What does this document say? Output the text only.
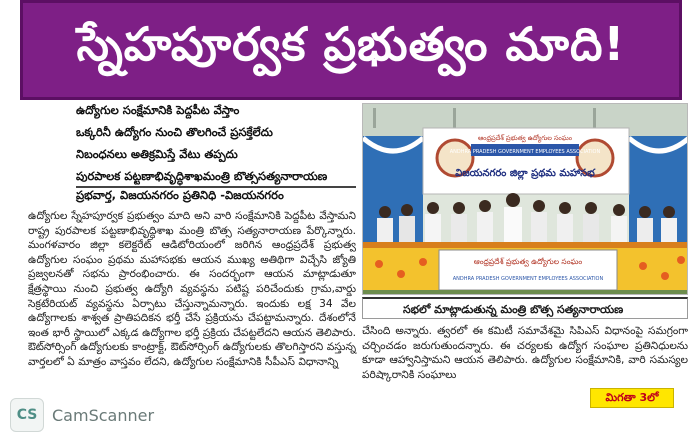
స్నేహపూర్వక ప్రభుత్వం మాది!
ఉద్యోగుల సంక్షేమానికి పెద్దపీట వేస్తాం
ఒక్కరినీ ఉద్యోగం నుంచి తొలగించే ప్రసక్తేలేదు
నిబంధనలు అతిక్రమిస్తే వేటు తప్పదు
పురపాలక పట్టణాభివృద్ధిశాఖమంత్రి బొత్ససత్యనారాయణ
ప్రభవార్త, విజయనగరం ప్రతినిధి -విజయనగరం

ఉద్యోగుల స్నేహపూర్వక ప్రభుత్వం మాది అని వారి సంక్షేమానికి పెద్దపీట వేస్తామని రాష్ట్ర పురపాలక పట్టణాభివృద్ధిశాఖ మంత్రి బొత్స సత్యనారాయణ పేర్కొన్నారు. మంగళవారం జిల్లా కలెక్టరేట్ ఆడిటోరియంలో జరిగిన ఆంధ్రప్రదేశ్ ప్రభుత్వ ఉద్యోగుల సంఘం ప్రథమ మహాసభకు ఆయన ముఖ్య అతిథిగా విచ్చేసి జ్యోతి ప్రజ్వలనతో సభను ప్రారంభించారు. ఈ సందర్భంగా ఆయన మాట్లాడుతూ క్షేత్రస్థాయి నుంచి ప్రభుత్వ ఉద్యోగి వ్యవస్థను పటిష్ట పరిచేందుకు గ్రామ,వార్డు సెక్రటేరియట్ వ్యవస్థను ఏర్పాటు చేస్తున్నామన్నారు. ఇందుకు లక్ష 34 వేల ఉద్యోగాలకు శాశ్వత ప్రాతిపదికన భర్తీ చేసే ప్రక్రియను చేపట్టామన్నారు. దేశంలోనే ఇంత భారీ స్థాయిలో ఎక్కడ ఉద్యోగాల భర్తీ ప్రక్రియ చేపట్టలేదని ఆయన తెలిపారు. ఔట్‌సోర్సింగ్ ఉద్యోగులకు కాంట్రాక్ట్, ఔట్‌సోర్సింగ్ ఉద్యోగులకు తొలగిస్తారని వస్తున్న వార్తలలో ఏ మాత్రం వాస్తవం లేదని, ఉద్యోగుల సంక్షేమానికి సీపీఎస్ విధానాన్ని

ఆంధ్రప్రదేశ్ ప్రభుత్వ ఉద్యోగుల సంఘం
ANDHRA PRADESH GOVERNMENT EMPLOYEES ASSOCIATION
విజయనగరం జిల్లా ప్రథమ మహాసభ
ఆంధ్రప్రదేశ్ ప్రభుత్వ ఉద్యోగుల సంఘం
ANDHRA PRADESH GOVERNMENT EMPLOYEES ASSOCIATION
సభలో మాట్లాడుతున్న మంత్రి బొత్స సత్యనారాయణ

చేసింది అన్నారు. త్వరలో ఈ కమిటీ సమావేశమై సిపిఎస్ విధానంపై సమగ్రంగా చర్చించడం జరుగుతుందన్నారు. ఈ చర్యలకు ఉద్యోగ సంఘాల ప్రతినిధులను కూడా ఆహ్వానిస్తామని ఆయన తెలిపారు. ఉద్యోగుల సంక్షేమానికి, వారి సమస్యల పరిష్కారానికి సంఘాలు

మిగతా 3లో
CS CamScanner
